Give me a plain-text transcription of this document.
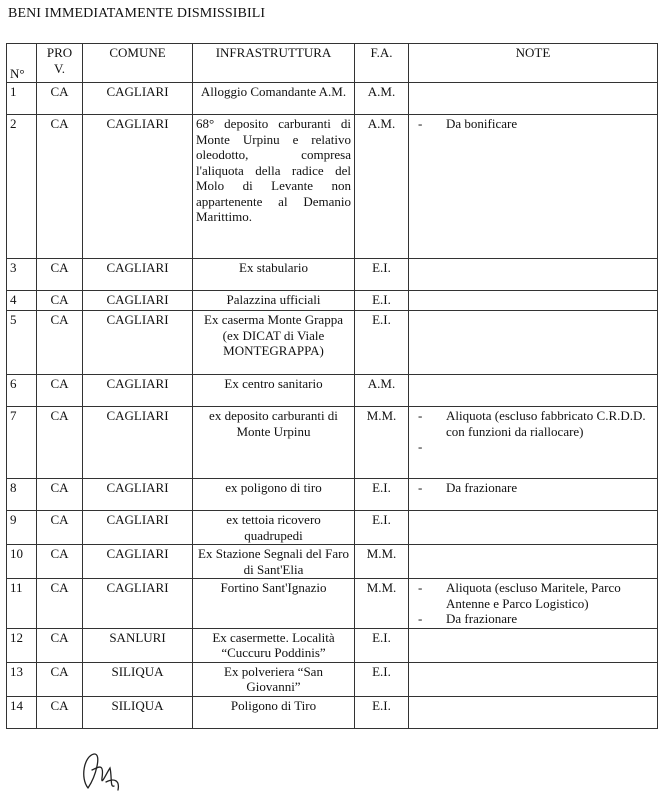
BENI IMMEDIATAMENTE DISMISSIBILI
N°	PRO V.	COMUNE	INFRASTRUTTURA	F.A.	NOTE
1	CA	CAGLIARI	Alloggio Comandante A.M.	A.M.	
2	CA	CAGLIARI	68° deposito carburanti di Monte Urpinu e relativo oleodotto, compresa l'aliquota della radice del Molo di Levante non appartenente al Demanio Marittimo.	A.M.	- Da bonificare

3	CA	CAGLIARI	Ex stabulario	E.I.	
4	CA	CAGLIARI	Palazzina ufficiali	E.I.	
5	CA	CAGLIARI	Ex caserma Monte Grappa (ex DICAT di Viale MONTEGRAPPA)	E.I.	
6	CA	CAGLIARI	Ex centro sanitario	A.M.	
7	CA	CAGLIARI	ex deposito carburanti di Monte Urpinu	M.M.	- Aliquota (escluso fabbricato C.R.D.D. con funzioni da riallocare)
-

8	CA	CAGLIARI	ex poligono di tiro	E.I.	- Da frazionare

9	CA	CAGLIARI	ex tettoia ricovero quadrupedi	E.I.	
10	CA	CAGLIARI	Ex Stazione Segnali del Faro di Sant'Elia	M.M.	
11	CA	CAGLIARI	Fortino Sant'Ignazio	M.M.	- Aliquota (escluso Maritele, Parco Antenne e Parco Logistico)
- Da frazionare

12	CA	SANLURI	Ex casermette. Località “Cuccuru Poddinis”	E.I.	
13	CA	SILIQUA	Ex polveriera “San Giovanni”	E.I.	
14	CA	SILIQUA	Poligono di Tiro	E.I.	
